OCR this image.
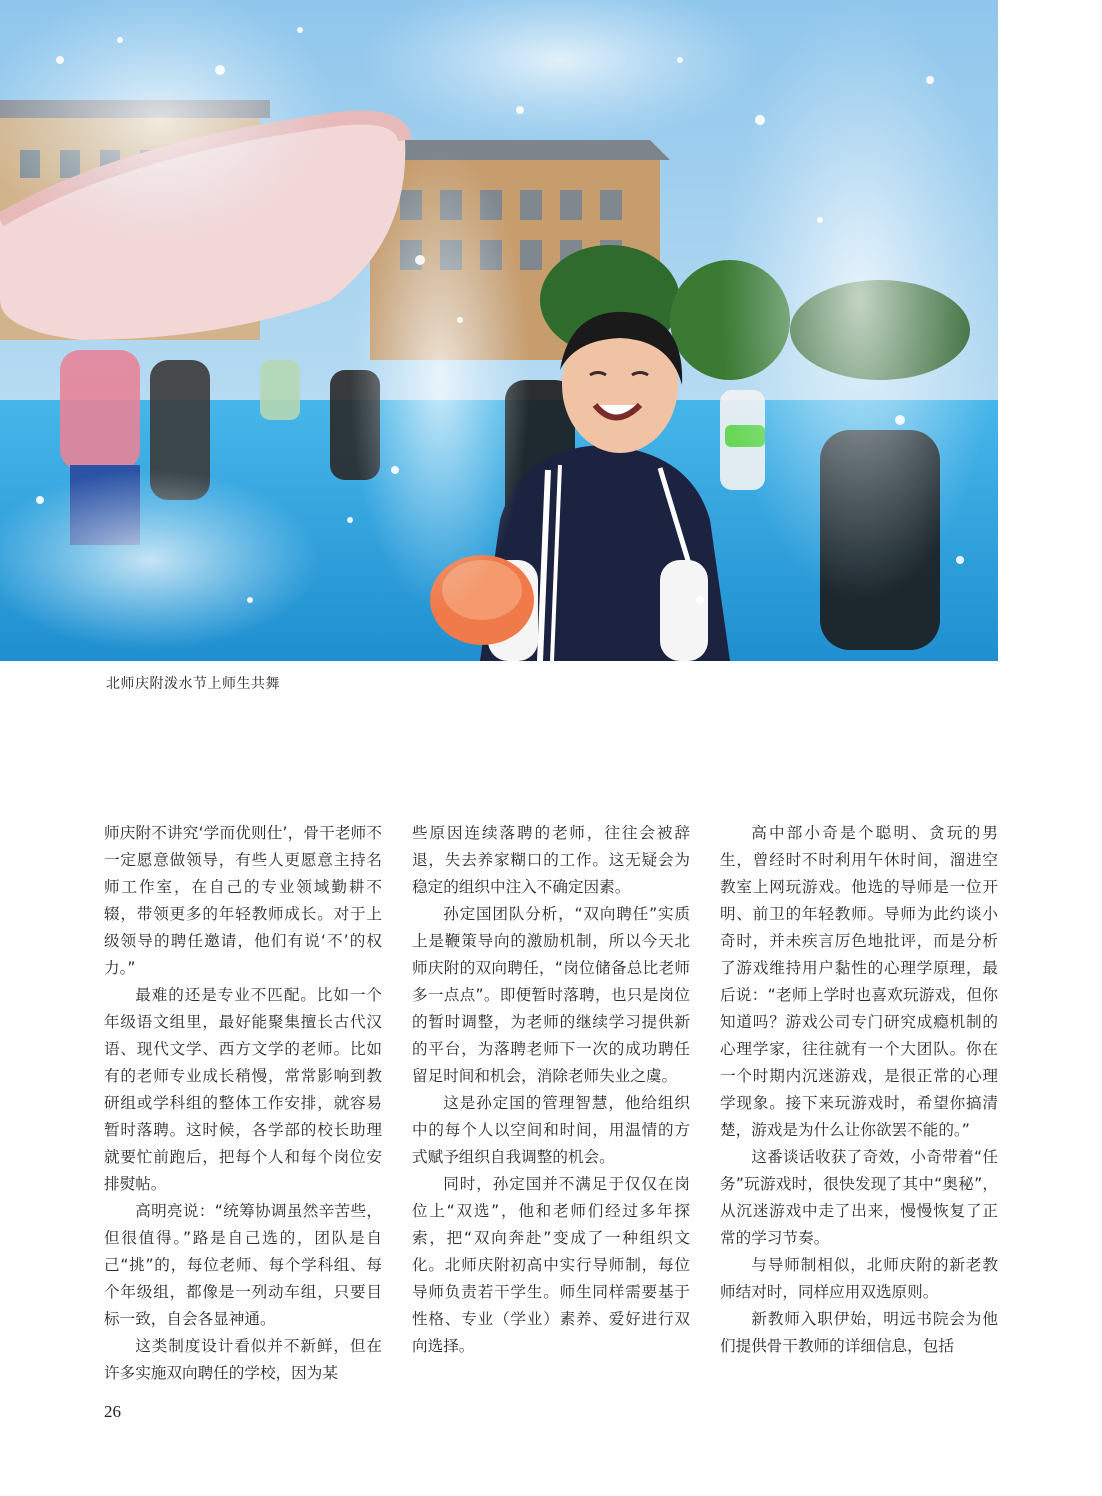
北师庆附泼水节上师生共舞

师庆附不讲究‘学而优则仕’，骨干老师不一定愿意做领导，有些人更愿意主持名师工作室，在自己的专业领域勤耕不辍，带领更多的年轻教师成长。对于上级领导的聘任邀请，他们有说‘不’的权力。”

最难的还是专业不匹配。比如一个年级语文组里，最好能聚集擅长古代汉语、现代文学、西方文学的老师。比如有的老师专业成长稍慢，常常影响到教研组或学科组的整体工作安排，就容易暂时落聘。这时候，各学部的校长助理就要忙前跑后，把每个人和每个岗位安排熨帖。

高明亮说：“统筹协调虽然辛苦些，但很值得。”路是自己选的，团队是自己“挑”的，每位老师、每个学科组、每个年级组，都像是一列动车组，只要目标一致，自会各显神通。

这类制度设计看似并不新鲜，但在许多实施双向聘任的学校，因为某

些原因连续落聘的老师，往往会被辞退，失去养家糊口的工作。这无疑会为稳定的组织中注入不确定因素。

孙定国团队分析，“双向聘任”实质上是鞭策导向的激励机制，所以今天北师庆附的双向聘任，“岗位储备总比老师多一点点”。即便暂时落聘，也只是岗位的暂时调整，为老师的继续学习提供新的平台，为落聘老师下一次的成功聘任留足时间和机会，消除老师失业之虞。

这是孙定国的管理智慧，他给组织中的每个人以空间和时间，用温情的方式赋予组织自我调整的机会。

同时，孙定国并不满足于仅仅在岗位上“双选”，他和老师们经过多年探索，把“双向奔赴”变成了一种组织文化。北师庆附初高中实行导师制，每位导师负责若干学生。师生同样需要基于性格、专业（学业）素养、爱好进行双向选择。

高中部小奇是个聪明、贪玩的男生，曾经时不时利用午休时间，溜进空教室上网玩游戏。他选的导师是一位开明、前卫的年轻教师。导师为此约谈小奇时，并未疾言厉色地批评，而是分析了游戏维持用户黏性的心理学原理，最后说：“老师上学时也喜欢玩游戏，但你知道吗？游戏公司专门研究成瘾机制的心理学家，往往就有一个大团队。你在一个时期内沉迷游戏，是很正常的心理学现象。接下来玩游戏时，希望你搞清楚，游戏是为什么让你欲罢不能的。”

这番谈话收获了奇效，小奇带着“任务”玩游戏时，很快发现了其中“奥秘”，从沉迷游戏中走了出来，慢慢恢复了正常的学习节奏。

与导师制相似，北师庆附的新老教师结对时，同样应用双选原则。

新教师入职伊始，明远书院会为他们提供骨干教师的详细信息，包括

26
